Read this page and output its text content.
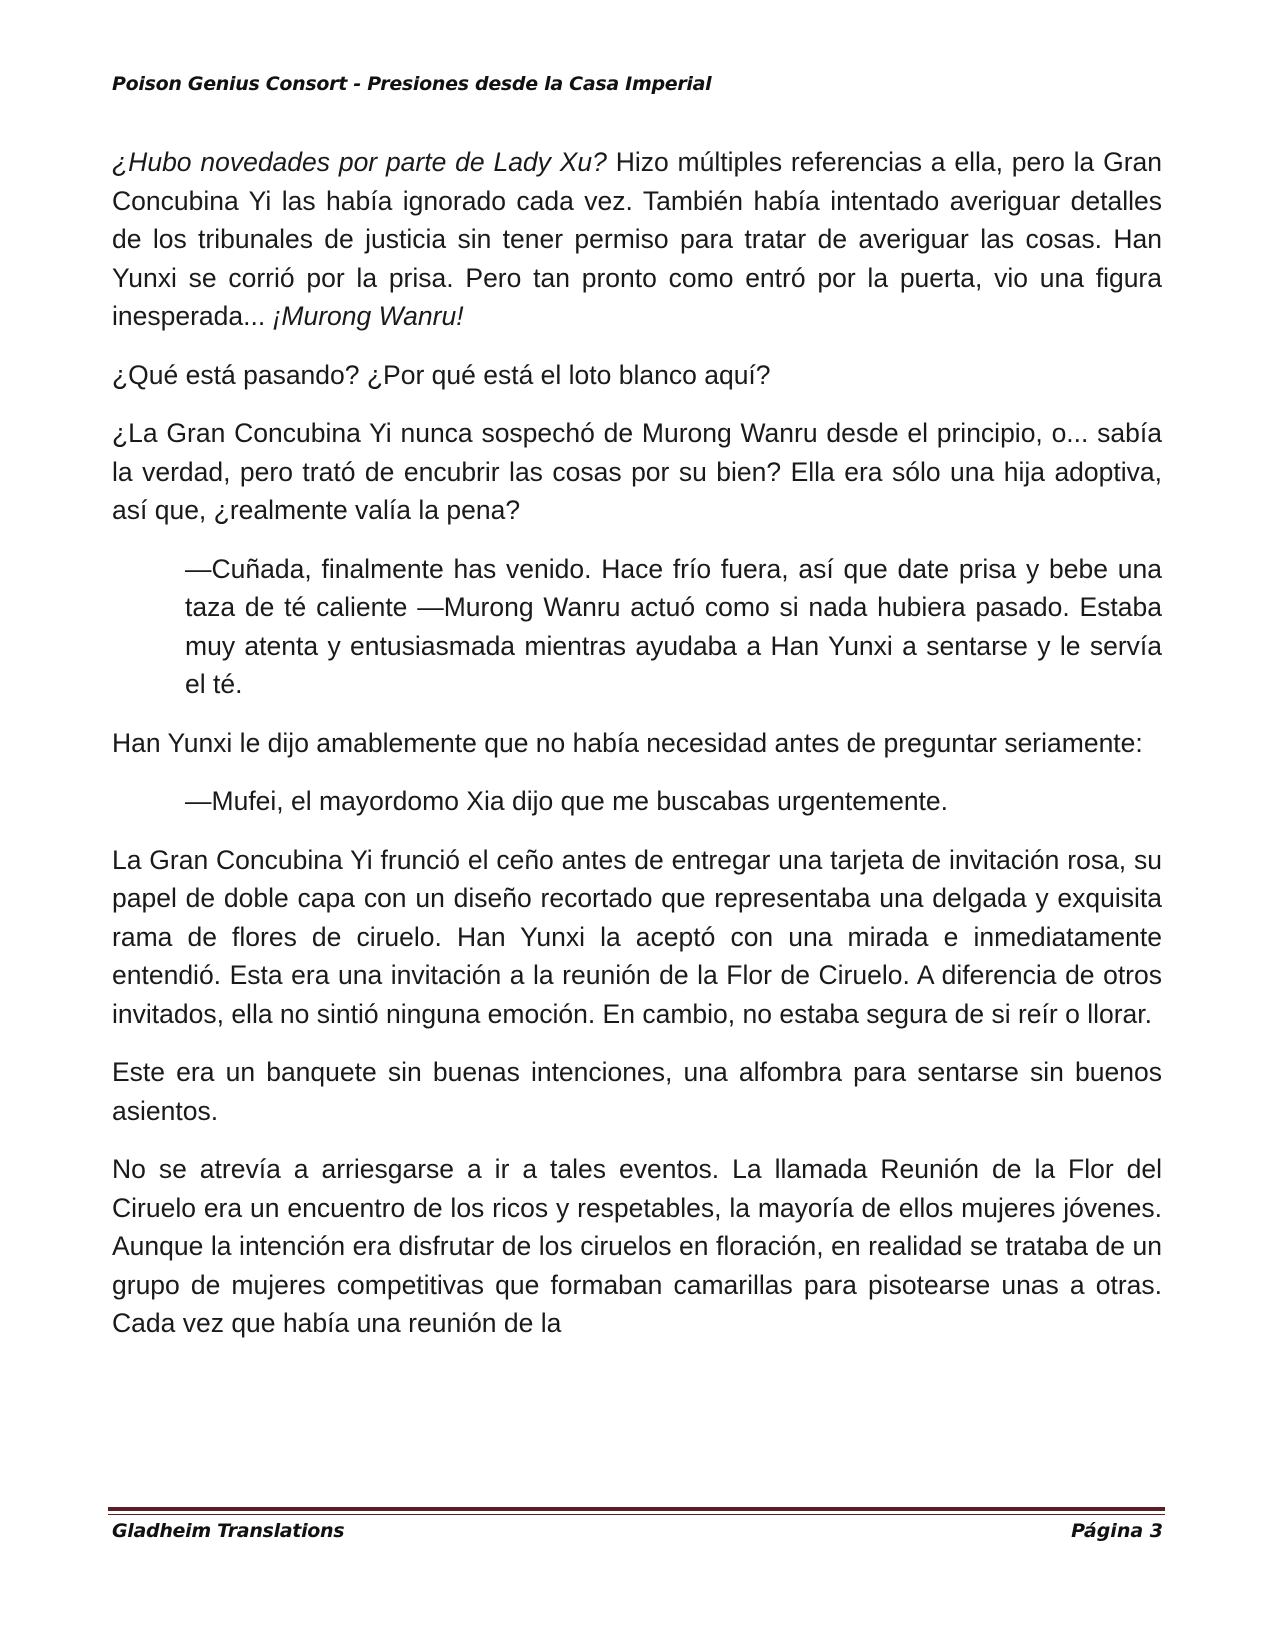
Poison Genius Consort - Presiones desde la Casa Imperial

¿Hubo novedades por parte de Lady Xu? Hizo múltiples referencias a ella, pero la Gran Concubina Yi las había ignorado cada vez. También había intentado averiguar detalles de los tribunales de justicia sin tener permiso para tratar de averiguar las cosas. Han Yunxi se corrió por la prisa. Pero tan pronto como entró por la puerta, vio una figura inesperada... ¡Murong Wanru!

¿Qué está pasando? ¿Por qué está el loto blanco aquí?

¿La Gran Concubina Yi nunca sospechó de Murong Wanru desde el principio, o... sabía la verdad, pero trató de encubrir las cosas por su bien? Ella era sólo una hija adoptiva, así que, ¿realmente valía la pena?

—Cuñada, finalmente has venido. Hace frío fuera, así que date prisa y bebe una taza de té caliente —Murong Wanru actuó como si nada hubiera pasado. Estaba muy atenta y entusiasmada mientras ayudaba a Han Yunxi a sentarse y le servía el té.

Han Yunxi le dijo amablemente que no había necesidad antes de preguntar seriamente:

—Mufei, el mayordomo Xia dijo que me buscabas urgentemente.

La Gran Concubina Yi frunció el ceño antes de entregar una tarjeta de invitación rosa, su papel de doble capa con un diseño recortado que representaba una delgada y exquisita rama de flores de ciruelo. Han Yunxi la aceptó con una mirada e inmediatamente entendió. Esta era una invitación a la reunión de la Flor de Ciruelo. A diferencia de otros invitados, ella no sintió ninguna emoción. En cambio, no estaba segura de si reír o llorar.

Este era un banquete sin buenas intenciones, una alfombra para sentarse sin buenos asientos.

No se atrevía a arriesgarse a ir a tales eventos. La llamada Reunión de la Flor del Ciruelo era un encuentro de los ricos y respetables, la mayoría de ellos mujeres jóvenes. Aunque la intención era disfrutar de los ciruelos en floración, en realidad se trataba de un grupo de mujeres competitivas que formaban camarillas para pisotearse unas a otras. Cada vez que había una reunión de la

Gladheim Translations	Página 3
